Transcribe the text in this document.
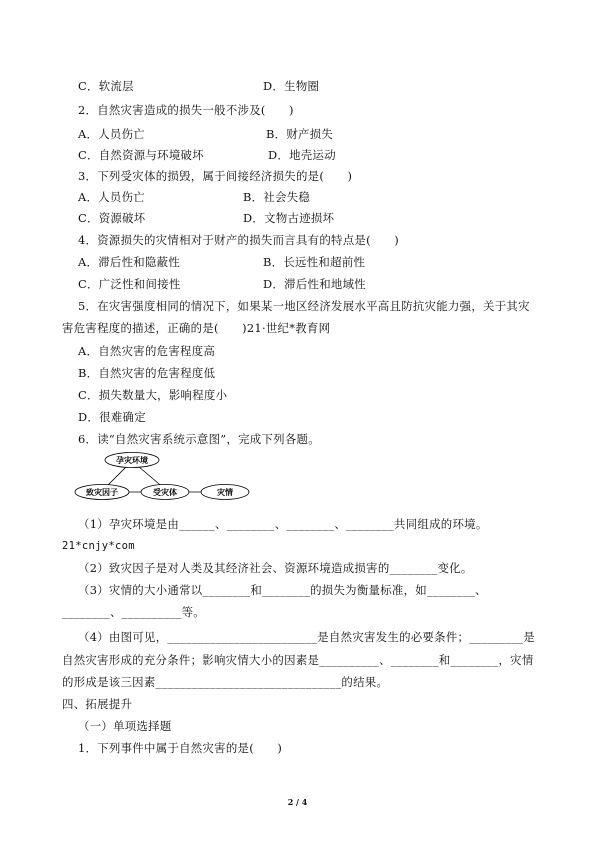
C．软流层	D．生物圈
2．自然灾害造成的损失一般不涉及(　　)
A．人员伤亡	B．财产损失
C．自然资源与环境破坏	D．地壳运动
3．下列受灾体的损毁，属于间接经济损失的是(　　)
A．人员伤亡	B．社会失稳
C．资源破坏	D．文物古迹损坏
4．资源损失的灾情相对于财产的损失而言具有的特点是(　　)
A．滞后性和隐蔽性	B．长远性和超前性
C．广泛性和间接性	D．滞后性和地域性
5．在灾害强度相同的情况下，如果某一地区经济发展水平高且防抗灾能力强，关于其灾
害危害程度的描述，正确的是(　　)21·世纪*教育网
A．自然灾害的危害程度高
B．自然灾害的危害程度低
C．损失数量大，影响程度小
D．很难确定
6．读“自然灾害系统示意图”，完成下列各题。
孕灾环境
致灾因子	受灾体	灾情
（1）孕灾环境是由______、________、________、________共同组成的环境。
21*cnjy*com
（2）致灾因子是对人类及其经济社会、资源环境造成损害的________变化。
（3）灾情的大小通常以________和________的损失为衡量标准，如________、
________、__________等。
（4）由图可见，_________________________是自然灾害发生的必要条件；_________是
自然灾害形成的充分条件；影响灾情大小的因素是__________、________和________，灾情
的形成是该三因素_______________________________的结果。
四、拓展提升
（一）单项选择题
1．下列事件中属于自然灾害的是(　　)
2 / 4
